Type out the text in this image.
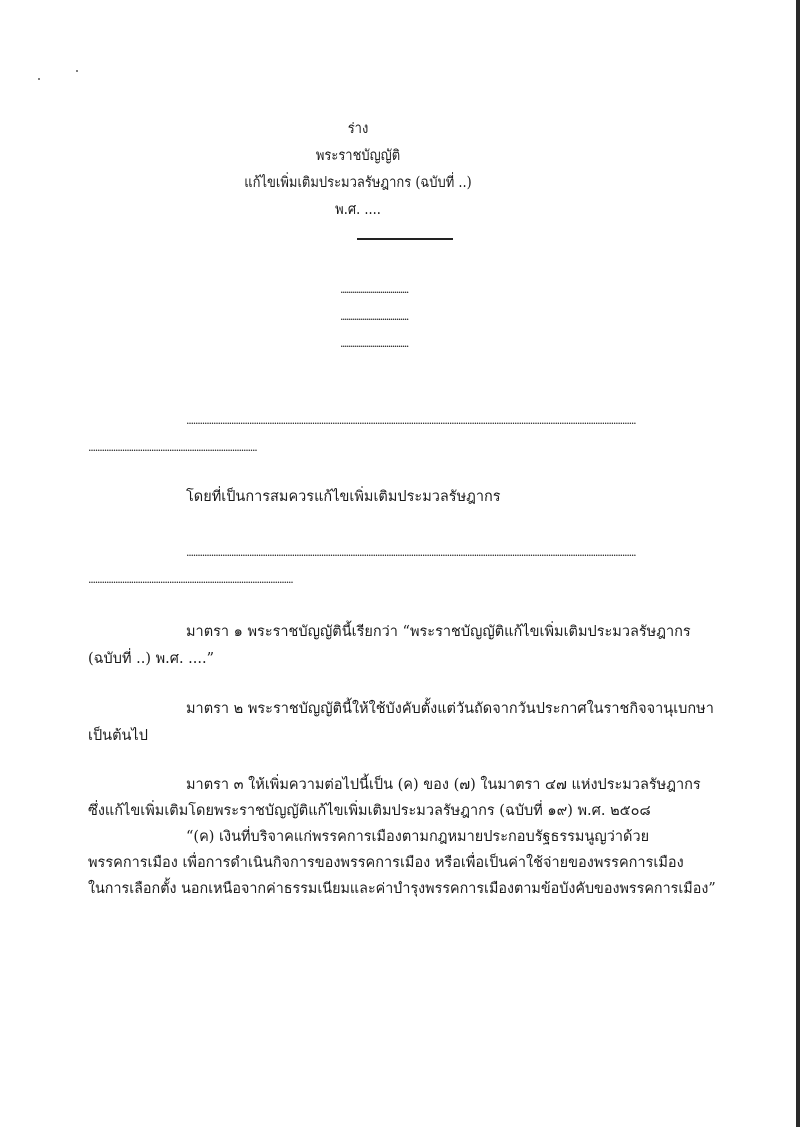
ร่าง
พระราชบัญญัติ
แก้ไขเพิ่มเติมประมวลรัษฎากร (ฉบับที่ ..)
พ.ศ. ....
..................................
..................................
..................................
........................................................................................................................................................................................................
...........................................................................
โดยที่เป็นการสมควรแก้ไขเพิ่มเติมประมวลรัษฎากร
........................................................................................................................................................................................................
...........................................................................................
มาตรา ๑ พระราชบัญญัตินี้เรียกว่า “พระราชบัญญัติแก้ไขเพิ่มเติมประมวลรัษฎากร
(ฉบับที่ ..) พ.ศ. ....”
มาตรา ๒ พระราชบัญญัตินี้ให้ใช้บังคับตั้งแต่วันถัดจากวันประกาศในราชกิจจานุเบกษา
เป็นต้นไป
มาตรา ๓ ให้เพิ่มความต่อไปนี้เป็น (ค) ของ (๗) ในมาตรา ๔๗ แห่งประมวลรัษฎากร
ซึ่งแก้ไขเพิ่มเติมโดยพระราชบัญญัติแก้ไขเพิ่มเติมประมวลรัษฎากร (ฉบับที่ ๑๙) พ.ศ. ๒๕๐๘
“(ค) เงินที่บริจาคแก่พรรคการเมืองตามกฎหมายประกอบรัฐธรรมนูญว่าด้วย
พรรคการเมือง เพื่อการดำเนินกิจการของพรรคการเมือง หรือเพื่อเป็นค่าใช้จ่ายของพรรคการเมือง
ในการเลือกตั้ง นอกเหนือจากค่าธรรมเนียมและค่าบำรุงพรรคการเมืองตามข้อบังคับของพรรคการเมือง”
